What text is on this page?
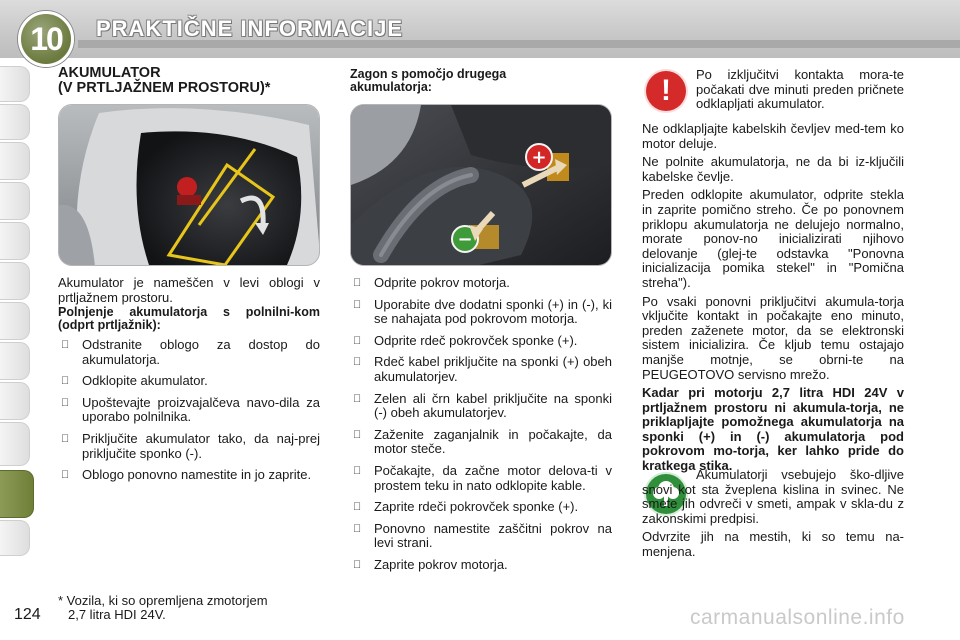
10	PRAKTIČNE INFORMACIJE
AKUMULATOR
(V PRTLJAŽNEM PROSTORU)*
Akumulator je nameščen v levi oblogi v prtljažnem prostoru.
Polnjenje akumulatorja s polnilni-kom (odprt prtljažnik):
Odstranite oblogo za dostop do akumulatorja.
Odklopite akumulator.
Upoštevajte proizvajalčeva navo-dila za uporabo polnilnika.
Priključite akumulator tako, da naj-prej priključite sponko (-).
Oblogo ponovno namestite in jo zaprite.
* Vozila, ki so opremljena zmotorjem
2,7 litra HDI 24V.
124
Zagon s pomočjo drugega
akumulatorja:
+
−
Odprite pokrov motorja.
Uporabite dve dodatni sponki (+) in (-), ki se nahajata pod pokrovom motorja.
Odprite rdeč pokrovček sponke (+).
Rdeč kabel priključite na sponki (+) obeh akumulatorjev.
Zelen ali črn kabel priključite na sponki (-) obeh akumulatorjev.
Zaženite zaganjalnik in počakajte, da motor steče.
Počakajte, da začne motor delova-ti v prostem teku in nato odklopite kable.
Zaprite rdeči pokrovček sponke (+).
Ponovno namestite zaščitni pokrov na levi strani.
Zaprite pokrov motorja.
!	Po izključitvi kontakta mora-te počakati dve minuti preden pričnete odklapljati akumulator.
Ne odklapljajte kabelskih čevljev med-tem ko motor deluje.
Ne polnite akumulatorja, ne da bi iz-ključili kabelske čevlje.
Preden odklopite akumulator, odprite stekla in zaprite pomično streho. Če po ponovnem priklopu akumulatorja ne delujejo normalno, morate ponov-no inicializirati njihovo delovanje (glej-te odstavka "Ponovna inicializacija pomika stekel" in "Pomična streha").
Po vsaki ponovni priključitvi akumula-torja vključite kontakt in počakajte eno minuto, preden zaženete motor, da se elektronski sistem inicializira. Če kljub temu ostajajo manjše motnje, se obrni-te na PEUGEOTOVO servisno mrežo.
Kadar pri motorju 2,7 litra HDI 24V v prtljažnem prostoru ni akumula-torja, ne priklapljajte pomožnega akumulatorja na sponki (+) in (-) akumulatorja pod pokrovom mo-torja, ker lahko pride do kratkega stika.
Akumulatorji vsebujejo ško-dljive snovi kot sta žveplena kislina in svinec. Ne smete jih odvreči v smeti, ampak v skla-du z zakonskimi predpisi.
Odvrzite jih na mestih, ki so temu na-menjena.
carmanualsonline.info
